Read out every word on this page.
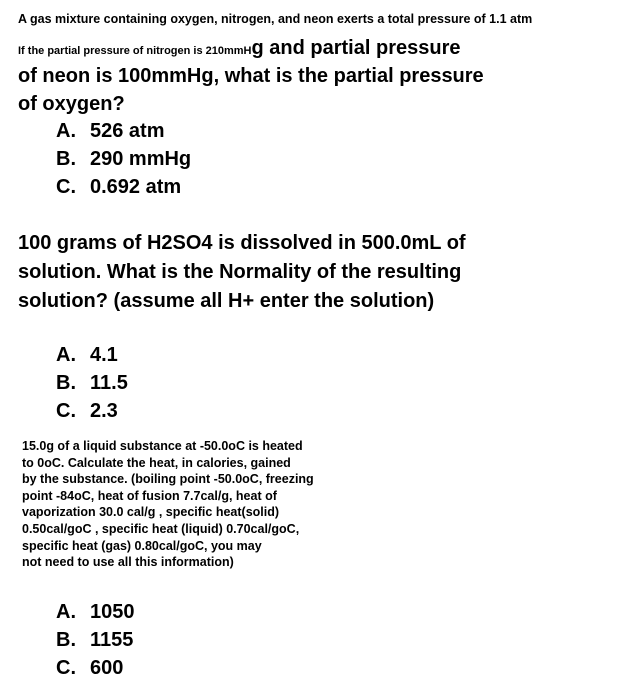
A gas mixture containing oxygen, nitrogen, and neon exerts a total pressure of 1.1 atm
If the partial pressure of nitrogen is 210mmHg and partial pressure
of neon is 100mmHg, what is the partial pressure
of oxygen?
A. 526 atm
B. 290 mmHg
C. 0.692 atm
100 grams of H2SO4 is dissolved in 500.0mL of
solution. What is the Normality of the resulting
solution? (assume all H+ enter the solution)
A. 4.1
B. 11.5
C. 2.3
15.0g of a liquid substance at -50.0oC is heated
to 0oC. Calculate the heat, in calories, gained
by the substance. (boiling point -50.0oC, freezing
point -84oC, heat of fusion 7.7cal/g, heat of
vaporization 30.0 cal/g , specific heat(solid)
0.50cal/goC , specific heat (liquid) 0.70cal/goC,
specific heat (gas) 0.80cal/goC, you may
not need to use all this information)
A. 1050
B. 1155
C. 600
